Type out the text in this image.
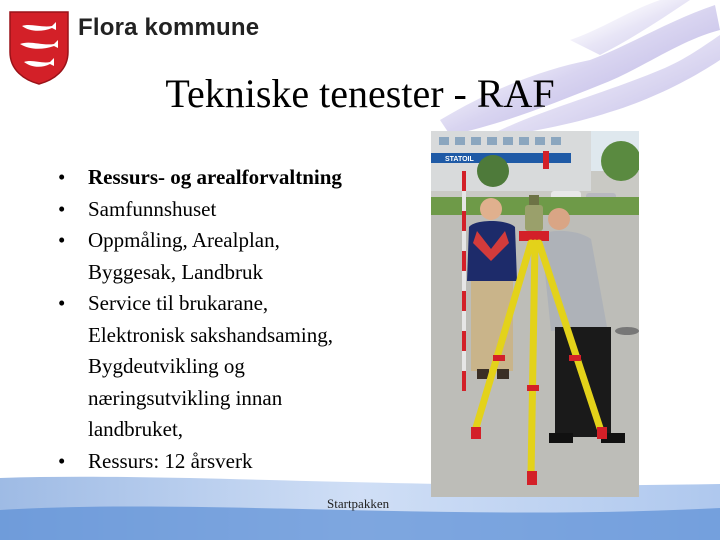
Flora kommune
Tekniske tenester - RAF
•	Ressurs- og arealforvaltning
•	Samfunnshuset
•	Oppmåling, Arealplan,
Byggesak, Landbruk
•	Service til brukarane,
Elektronisk sakshandsaming,
Bygdeutvikling og
næringsutvikling innan
landbruket,
•	Ressurs: 12 årsverk
STATOIL
Startpakken
